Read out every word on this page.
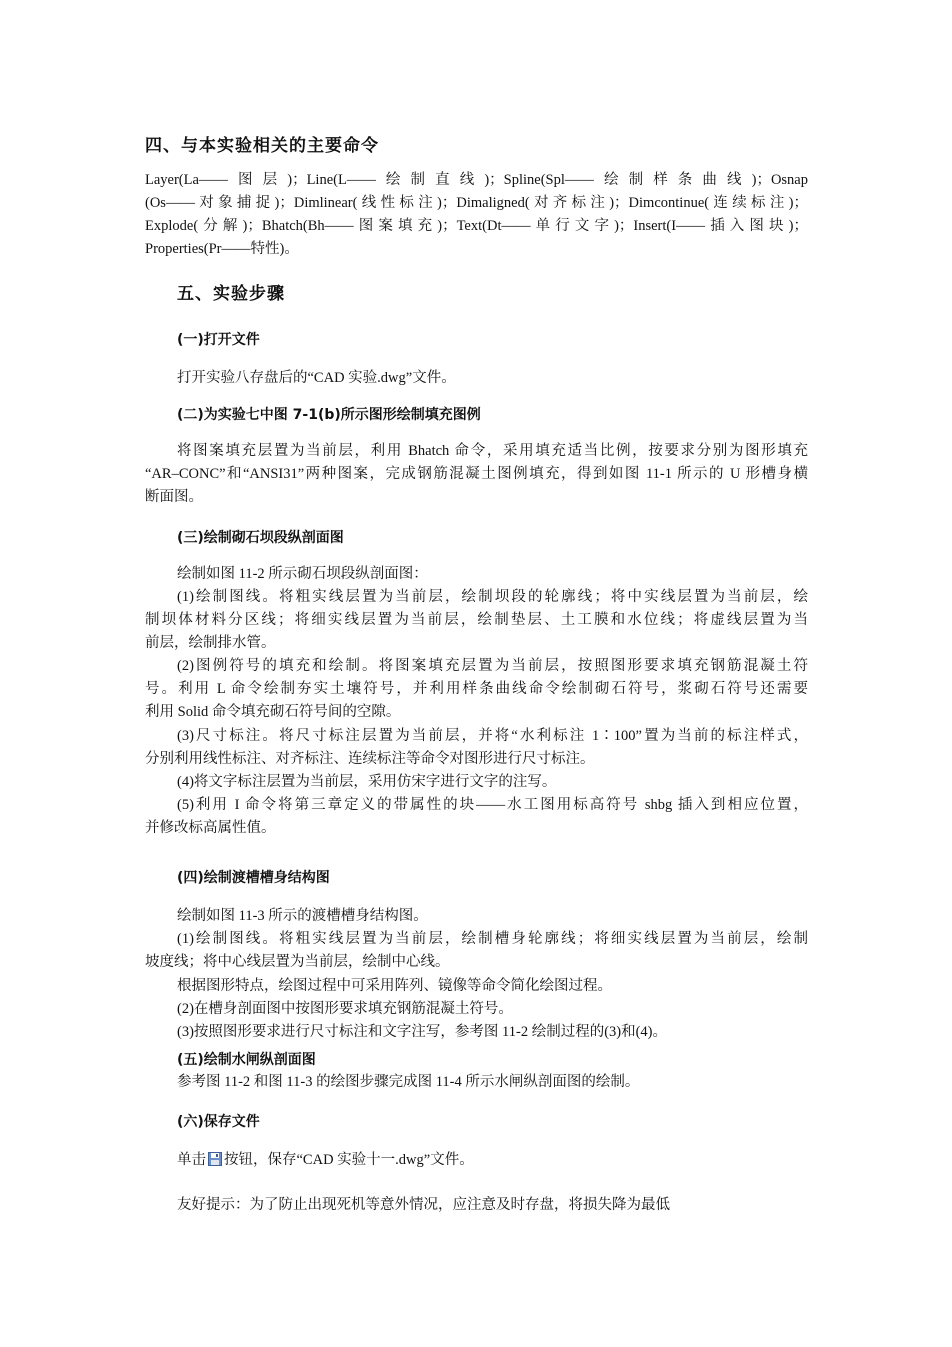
四、与本实验相关的主要命令
Layer(La——图层)；Line(L——绘制直线)；Spline(Spl——绘制样条曲线)；Osnap
(Os——对象捕捉)；Dimlinear(线性标注)；Dimaligned(对齐标注)；Dimcontinue(连续标注)；
Explode(分解)；Bhatch(Bh——图案填充)；Text(Dt——单行文字)；Insert(I——插入图块)；
Properties(Pr——特性)。
五、实验步骤
(一)打开文件
打开实验八存盘后的“CAD 实验.dwg”文件。
(二)为实验七中图 7-1(b)所示图形绘制填充图例
将图案填充层置为当前层，利用 Bhatch 命令，采用填充适当比例，按要求分别为图形填充
“AR–CONC”和“ANSI31”两种图案，完成钢筋混凝土图例填充，得到如图 11-1 所示的 U 形槽身横
断面图。
(三)绘制砌石坝段纵剖面图
绘制如图 11-2 所示砌石坝段纵剖面图：
(1)绘制图线。将粗实线层置为当前层，绘制坝段的轮廓线；将中实线层置为当前层，绘
制坝体材料分区线；将细实线层置为当前层，绘制垫层、土工膜和水位线；将虚线层置为当
前层，绘制排水管。
(2)图例符号的填充和绘制。将图案填充层置为当前层，按照图形要求填充钢筋混凝土符
号。利用 L 命令绘制夯实土壤符号，并利用样条曲线命令绘制砌石符号，浆砌石符号还需要
利用 Solid 命令填充砌石符号间的空隙。
(3)尺寸标注。将尺寸标注层置为当前层，并将“水利标注 1∶100”置为当前的标注样式，
分别利用线性标注、对齐标注、连续标注等命令对图形进行尺寸标注。
(4)将文字标注层置为当前层，采用仿宋字进行文字的注写。
(5)利用 I 命令将第三章定义的带属性的块——水工图用标高符号 shbg 插入到相应位置，
并修改标高属性值。
(四)绘制渡槽槽身结构图
绘制如图 11-3 所示的渡槽槽身结构图。
(1)绘制图线。将粗实线层置为当前层，绘制槽身轮廓线；将细实线层置为当前层，绘制
坡度线；将中心线层置为当前层，绘制中心线。
根据图形特点，绘图过程中可采用阵列、镜像等命令简化绘图过程。
(2)在槽身剖面图中按图形要求填充钢筋混凝土符号。
(3)按照图形要求进行尺寸标注和文字注写，参考图 11-2 绘制过程的(3)和(4)。
(五)绘制水闸纵剖面图
参考图 11-2 和图 11-3 的绘图步骤完成图 11-4 所示水闸纵剖面图的绘制。
(六)保存文件
单击 按钮，保存“CAD 实验十一.dwg”文件。
友好提示：为了防止出现死机等意外情况，应注意及时存盘，将损失降为最低
